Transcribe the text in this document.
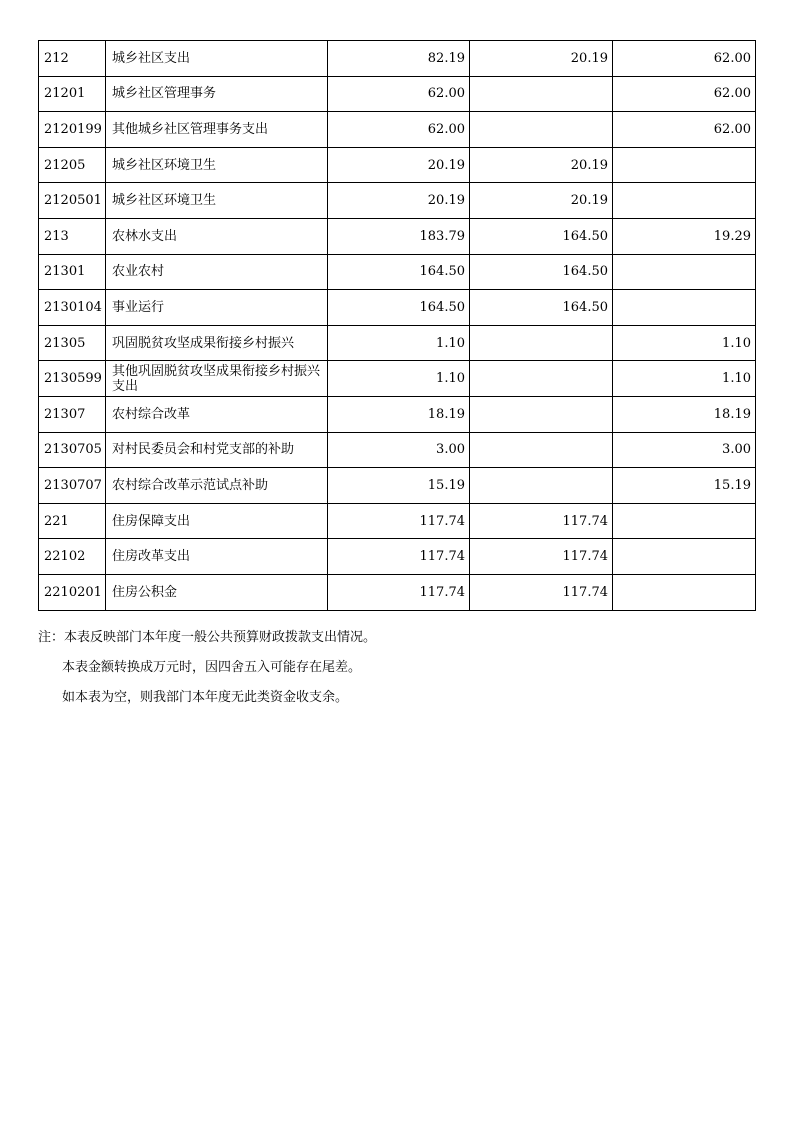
212	城乡社区支出	82.19	20.19	62.00
21201	城乡社区管理事务	62.00		62.00
2120199	其他城乡社区管理事务支出	62.00		62.00
21205	城乡社区环境卫生	20.19	20.19	
2120501	城乡社区环境卫生	20.19	20.19	
213	农林水支出	183.79	164.50	19.29
21301	农业农村	164.50	164.50	
2130104	事业运行	164.50	164.50	
21305	巩固脱贫攻坚成果衔接乡村振兴	1.10		1.10
2130599	其他巩固脱贫攻坚成果衔接乡村振兴支出	1.10		1.10
21307	农村综合改革	18.19		18.19
2130705	对村民委员会和村党支部的补助	3.00		3.00
2130707	农村综合改革示范试点补助	15.19		15.19
221	住房保障支出	117.74	117.74	
22102	住房改革支出	117.74	117.74	
2210201	住房公积金	117.74	117.74	
注：本表反映部门本年度一般公共预算财政拨款支出情况。
本表金额转换成万元时，因四舍五入可能存在尾差。
如本表为空，则我部门本年度无此类资金收支余。
